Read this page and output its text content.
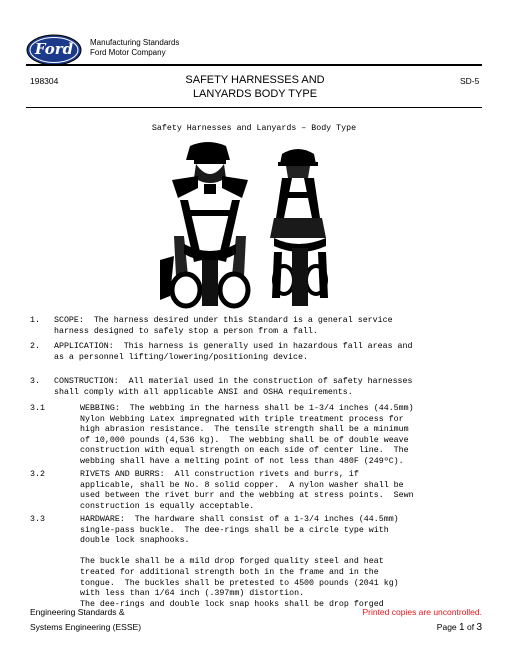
Ford	Manufacturing Standards
Ford Motor Company
198304	SAFETY HARNESSES AND
LANYARDS BODY TYPE
SD-5
Safety Harnesses and Lanyards – Body Type
1.	SCOPE:  The harness desired under this Standard is a general service
harness designed to safely stop a person from a fall.
2.	APPLICATION:  This harness is generally used in hazardous fall areas and
as a personnel lifting/lowering/positioning device.
3.	CONSTRUCTION:  All material used in the construction of safety harnesses
shall comply with all applicable ANSI and OSHA requirements.
3.1	WEBBING:  The webbing in the harness shall be 1-3/4 inches (44.5mm)
Nylon Webbing Latex impregnated with triple treatment process for
high abrasion resistance.  The tensile strength shall be a minimum
of 10,000 pounds (4,536 kg).  The webbing shall be of double weave
construction with equal strength on each side of center line.  The
webbing shall have a melting point of not less than 480F (249ºC).
3.2	RIVETS AND BURRS:  All construction rivets and burrs, if
applicable, shall be No. 8 solid copper.  A nylon washer shall be
used between the rivet burr and the webbing at stress points.  Sewn
construction is equally acceptable.
3.3	HARDWARE:  The hardware shall consist of a 1-3/4 inches (44.5mm)
single-pass buckle.  The dee-rings shall be a circle type with
double lock snaphooks.
The buckle shall be a mild drop forged quality steel and heat
treated for additional strength both in the frame and in the
tongue.  The buckles shall be pretested to 4500 pounds (2041 kg)
with less than 1/64 inch (.397mm) distortion.
The dee-rings and double lock snap hooks shall be drop forged
Engineering Standards &
Systems Engineering (ESSE)
Printed copies are uncontrolled.
Page 1 of 3
